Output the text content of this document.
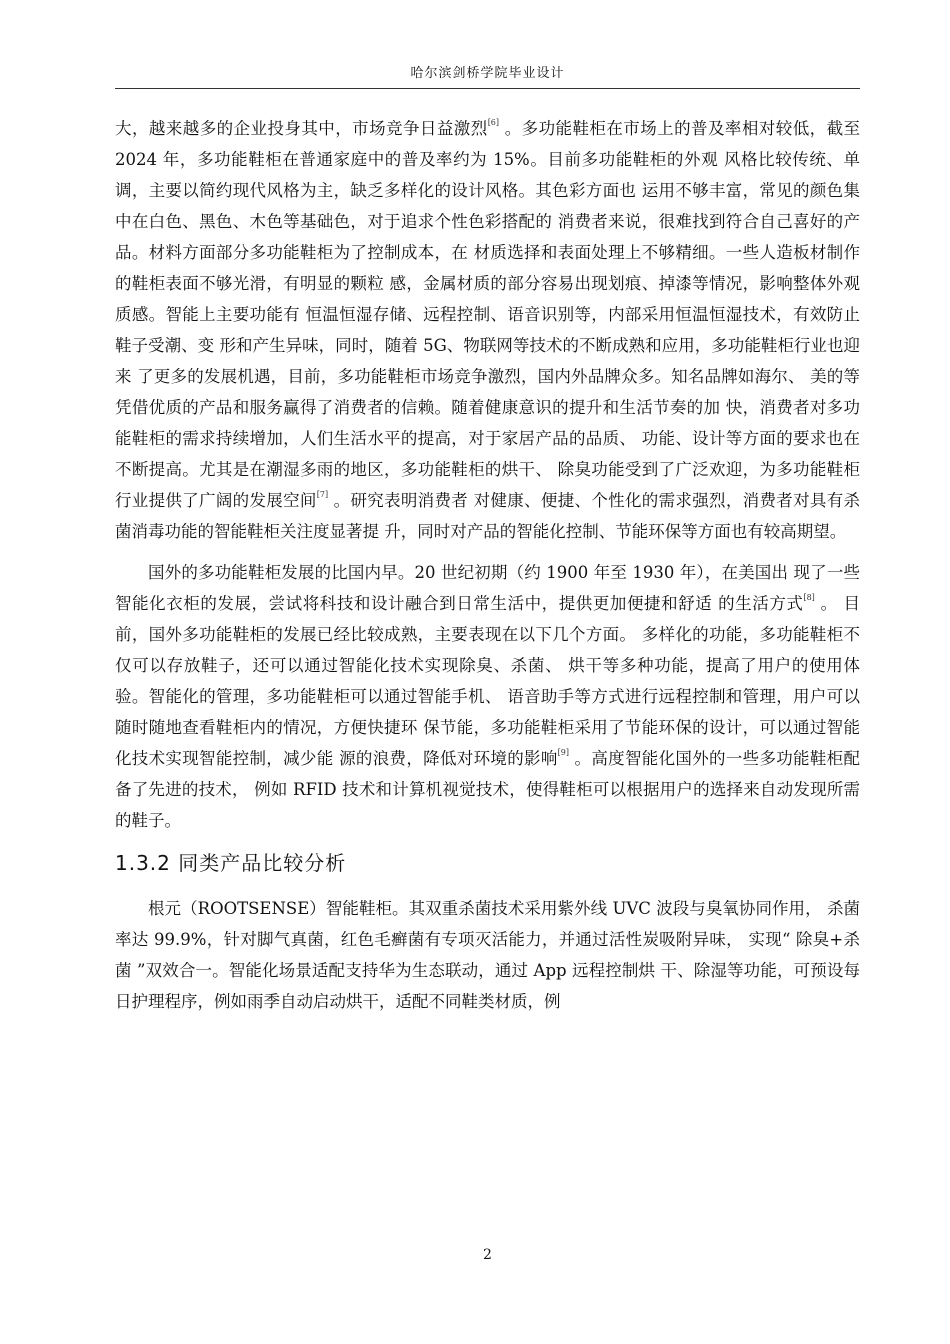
哈尔滨剑桥学院毕业设计

大，越来越多的企业投身其中，市场竞争日益激烈[6] 。多功能鞋柜在市场上的普及率相对较低，截至 2024 年，多功能鞋柜在普通家庭中的普及率约为 15%。目前多功能鞋柜的外观 风格比较传统、单调，主要以简约现代风格为主，缺乏多样化的设计风格。其色彩方面也 运用不够丰富，常见的颜色集中在白色、黑色、木色等基础色，对于追求个性色彩搭配的 消费者来说，很难找到符合自己喜好的产品。材料方面部分多功能鞋柜为了控制成本，在 材质选择和表面处理上不够精细。一些人造板材制作的鞋柜表面不够光滑，有明显的颗粒 感，金属材质的部分容易出现划痕、掉漆等情况，影响整体外观质感。智能上主要功能有 恒温恒湿存储、远程控制、语音识别等，内部采用恒温恒湿技术，有效防止鞋子受潮、变 形和产生异味，同时，随着 5G、物联网等技术的不断成熟和应用，多功能鞋柜行业也迎来 了更多的发展机遇，目前，多功能鞋柜市场竞争激烈，国内外品牌众多。知名品牌如海尔、 美的等凭借优质的产品和服务赢得了消费者的信赖。随着健康意识的提升和生活节奏的加 快，消费者对多功能鞋柜的需求持续增加，人们生活水平的提高，对于家居产品的品质、 功能、设计等方面的要求也在不断提高。尤其是在潮湿多雨的地区，多功能鞋柜的烘干、 除臭功能受到了广泛欢迎，为多功能鞋柜行业提供了广阔的发展空间[7] 。研究表明消费者 对健康、便捷、个性化的需求强烈，消费者对具有杀菌消毒功能的智能鞋柜关注度显著提 升，同时对产品的智能化控制、节能环保等方面也有较高期望。

国外的多功能鞋柜发展的比国内早。20 世纪初期（约 1900 年至 1930 年），在美国出 现了一些智能化衣柜的发展，尝试将科技和设计融合到日常生活中，提供更加便捷和舒适 的生活方式[8] 。 目前，国外多功能鞋柜的发展已经比较成熟，主要表现在以下几个方面。 多样化的功能，多功能鞋柜不仅可以存放鞋子，还可以通过智能化技术实现除臭、杀菌、 烘干等多种功能，提高了用户的使用体验。智能化的管理，多功能鞋柜可以通过智能手机、 语音助手等方式进行远程控制和管理，用户可以随时随地查看鞋柜内的情况，方便快捷环 保节能，多功能鞋柜采用了节能环保的设计，可以通过智能化技术实现智能控制，减少能 源的浪费，降低对环境的影响[9] 。高度智能化国外的一些多功能鞋柜配备了先进的技术， 例如 RFID 技术和计算机视觉技术，使得鞋柜可以根据用户的选择来自动发现所需的鞋子。

1.3.2 同类产品比较分析

根元（ROOTSENSE）智能鞋柜。其双重杀菌技术采用紫外线 UVC 波段与臭氧协同作用， 杀菌率达 99.9%，针对脚气真菌，红色毛癣菌有专项灭活能力，并通过活性炭吸附异味， 实现“ 除臭+杀菌 ”双效合一。智能化场景适配支持华为生态联动，通过 App 远程控制烘 干、除湿等功能，可预设每日护理程序，例如雨季自动启动烘干，适配不同鞋类材质，例

2
